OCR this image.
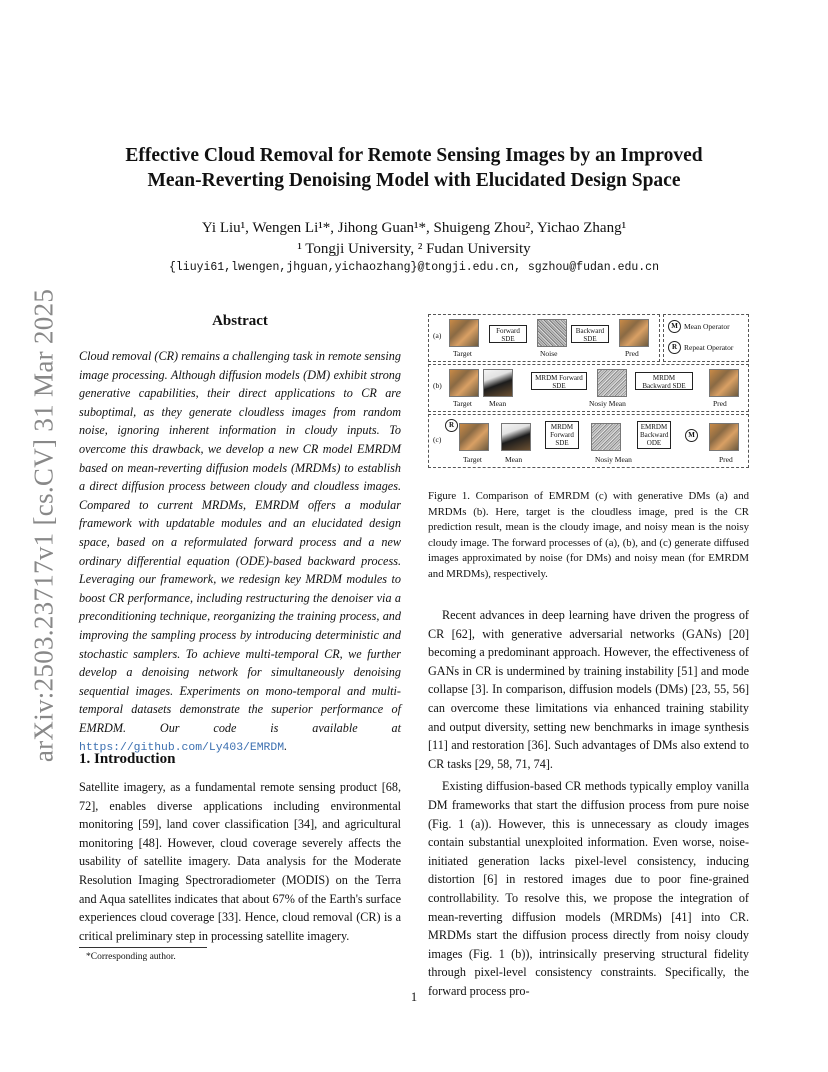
arXiv:2503.23717v1 [cs.CV] 31 Mar 2025
Effective Cloud Removal for Remote Sensing Images by an Improved
Mean-Reverting Denoising Model with Elucidated Design Space
Yi Liu¹, Wengen Li¹*, Jihong Guan¹*, Shuigeng Zhou², Yichao Zhang¹
¹ Tongji University, ² Fudan University
{liuyi61,lwengen,jhguan,yichaozhang}@tongji.edu.cn, sgzhou@fudan.edu.cn
Abstract
Cloud removal (CR) remains a challenging task in remote sensing image processing. Although diffusion models (DM) exhibit strong generative capabilities, their direct applications to CR are suboptimal, as they generate cloudless images from random noise, ignoring inherent information in cloudy inputs. To overcome this drawback, we develop a new CR model EMRDM based on mean-reverting diffusion models (MRDMs) to establish a direct diffusion process between cloudy and cloudless images. Compared to current MRDMs, EMRDM offers a modular framework with updatable modules and an elucidated design space, based on a reformulated forward process and a new ordinary differential equation (ODE)-based backward process. Leveraging our framework, we redesign key MRDM modules to boost CR performance, including restructuring the denoiser via a preconditioning technique, reorganizing the training process, and improving the sampling process by introducing deterministic and stochastic samplers. To achieve multi-temporal CR, we further develop a denoising network for simultaneously denoising sequential images. Experiments on mono-temporal and multi-temporal datasets demonstrate the superior performance of EMRDM. Our code is available at https://github.com/Ly403/EMRDM.
1. Introduction
Satellite imagery, as a fundamental remote sensing product [68, 72], enables diverse applications including environmental monitoring [59], land cover classification [34], and agricultural monitoring [48]. However, cloud coverage severely affects the usability of satellite imagery. Data analysis for the Moderate Resolution Imaging Spectroradiometer (MODIS) on the Terra and Aqua satellites indicates that about 67% of the Earth's surface experiences cloud coverage [33]. Hence, cloud removal (CR) is a critical preliminary step in processing satellite imagery.
*Corresponding author.
(a)
Target
Forward SDE
Noise
Backward SDE
Pred
M Mean Operator
R Repeat Operator
(b)
Target Mean
MRDM Forward SDE
Nosiy Mean
MRDM Backward SDE
Pred
(c)
R
Target	Mean
MRDM Forward SDE
Nosiy Mean
EMRDM Backward ODE
M
Pred
Figure 1. Comparison of EMRDM (c) with generative DMs (a) and MRDMs (b). Here, target is the cloudless image, pred is the CR prediction result, mean is the cloudy image, and noisy mean is the noisy cloudy image. The forward processes of (a), (b), and (c) generate diffused images approximated by noise (for DMs) and noisy mean (for EMRDM and MRDMs), respectively.

Recent advances in deep learning have driven the progress of CR [62], with generative adversarial networks (GANs) [20] becoming a predominant approach. However, the effectiveness of GANs in CR is undermined by training instability [51] and mode collapse [3]. In comparison, diffusion models (DMs) [23, 55, 56] can overcome these limitations via enhanced training stability and output diversity, setting new benchmarks in image synthesis [11] and restoration [36]. Such advantages of DMs also extend to CR tasks [29, 58, 71, 74].

Existing diffusion-based CR methods typically employ vanilla DM frameworks that start the diffusion process from pure noise (Fig. 1 (a)). However, this is unnecessary as cloudy images contain substantial unexploited information. Even worse, noise-initiated generation lacks pixel-level consistency, inducing distortion [6] in restored images due to poor fine-grained controllability. To resolve this, we propose the integration of mean-reverting diffusion models (MRDMs) [41] into CR. MRDMs start the diffusion process directly from noisy cloudy images (Fig. 1 (b)), intrinsically preserving structural fidelity through pixel-level consistency constraints. Specifically, the forward process pro-

1
